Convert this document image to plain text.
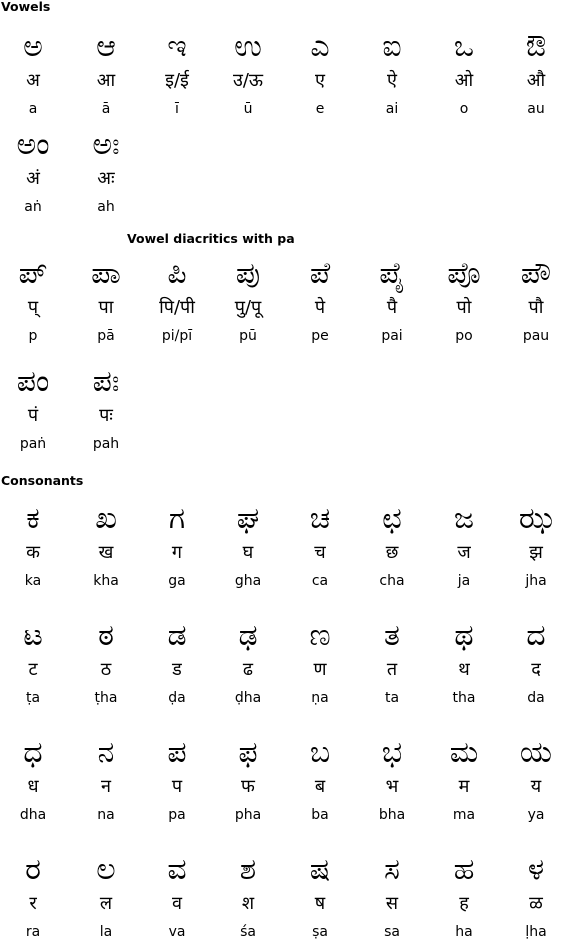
Vowels
ಅ
अ
a
ಆ
आ
ā
ಇ
इ/ई
ī
ಉ
उ/ऊ
ū
ಎ
ए
e
ಐ
ऐ
ai
ಒ
ओ
o
ಔ
औ
au
ಅಂ
अं
aṅ
ಅಃ
अः
ah
Vowel diacritics with pa
ಪ್
प्
p
ಪಾ
पा
pā
ಪಿ
पि/पी
pi/pī
ಪು
पु/पू
pū
ಪೆ
पे
pe
ಪೈ
पै
pai
ಪೊ
पो
po
ಪೌ
पौ
pau
ಪಂ
पं
paṅ
ಪಃ
पः
pah
Consonants
ಕ
क
ka
ಖ
ख
kha
ಗ
ग
ga
ಘ
घ
gha
ಚ
च
ca
ಛ
छ
cha
ಜ
ज
ja
ಝ
झ
jha
ಟ
ट
ṭa
ಠ
ठ
ṭha
ಡ
ड
ḍa
ಢ
ढ
ḍha
ಣ
ण
ṇa
ತ
त
ta
ಥ
थ
tha
ದ
द
da
ಧ
ध
dha
ನ
न
na
ಪ
प
pa
ಫ
फ
pha
ಬ
ब
ba
ಭ
भ
bha
ಮ
म
ma
ಯ
य
ya
ರ
र
ra
ಲ
ल
la
ವ
व
va
ಶ
श
śa
ಷ
ष
ṣa
ಸ
स
sa
ಹ
ह
ha
ಳ
ळ
ḷha
